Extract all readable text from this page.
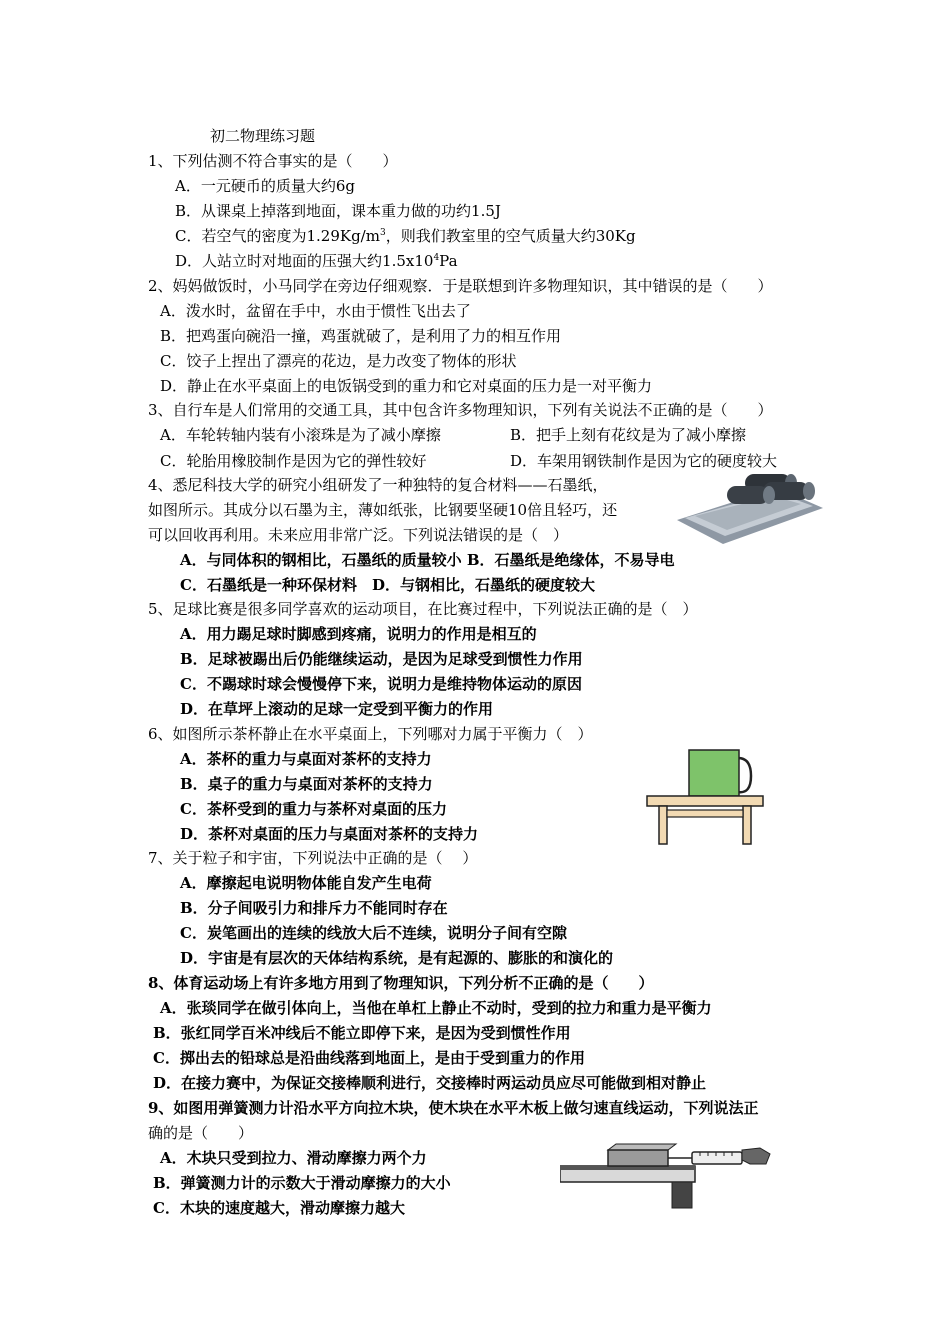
初二物理练习题
1、下列估测不符合事实的是（　　）
A．一元硬币的质量大约6g
B．从课桌上掉落到地面，课本重力做的功约1.5J
C．若空气的密度为$1.29Kg/m^3$，则我们教室里的空气质量大约30Kg
D．人站立时对地面的压强大约$1.5x10^4Pa$
2、妈妈做饭时，小马同学在旁边仔细观察．于是联想到许多物理知识，其中错误的是（　　）
A．泼水时，盆留在手中，水由于惯性飞出去了
B．把鸡蛋向碗沿一撞，鸡蛋就破了，是利用了力的相互作用
C．饺子上捏出了漂亮的花边，是力改变了物体的形状
D．静止在水平桌面上的电饭锅受到的重力和它对桌面的压力是一对平衡力
3、自行车是人们常用的交通工具，其中包含许多物理知识，下列有关说法不正确的是（　　）
A．车轮转轴内装有小滚珠是为了减小摩擦	B．把手上刻有花纹是为了减小摩擦
C．轮胎用橡胶制作是因为它的弹性较好	D．车架用钢铁制作是因为它的硬度较大
4、悉尼科技大学的研究小组研发了一种独特的复合材料——石墨纸，
如图所示。其成分以石墨为主，薄如纸张，比钢要坚硬10倍且轻巧，还
可以回收再利用。未来应用非常广泛。下列说法错误的是（　）
A．与同体积的钢相比，石墨纸的质量较小 B．石墨纸是绝缘体，不易导电
C．石墨纸是一种环保材料　D．与钢相比，石墨纸的硬度较大
5、足球比赛是很多同学喜欢的运动项目，在比赛过程中，下列说法正确的是（　）
A．用力踢足球时脚感到疼痛，说明力的作用是相互的
B．足球被踢出后仍能继续运动，是因为足球受到惯性力作用
C．不踢球时球会慢慢停下来，说明力是维持物体运动的原因
D．在草坪上滚动的足球一定受到平衡力的作用
6、如图所示茶杯静止在水平桌面上，下列哪对力属于平衡力（　）
A．茶杯的重力与桌面对茶杯的支持力
B．桌子的重力与桌面对茶杯的支持力
C．茶杯受到的重力与茶杯对桌面的压力
D．茶杯对桌面的压力与桌面对茶杯的支持力
7、关于粒子和宇宙，下列说法中正确的是（　 ）
A．摩擦起电说明物体能自发产生电荷
B．分子间吸引力和排斥力不能同时存在
C．炭笔画出的连续的线放大后不连续，说明分子间有空隙
D．宇宙是有层次的天体结构系统，是有起源的、膨胀的和演化的
8、体育运动场上有许多地方用到了物理知识，下列分析不正确的是（　　）
A．张琰同学在做引体向上，当他在单杠上静止不动时，受到的拉力和重力是平衡力
B．张红同学百米冲线后不能立即停下来，是因为受到惯性作用
C．掷出去的铅球总是沿曲线落到地面上，是由于受到重力的作用
D．在接力赛中，为保证交接棒顺利进行，交接棒时两运动员应尽可能做到相对静止
9、如图用弹簧测力计沿水平方向拉木块，使木块在水平木板上做匀速直线运动，下列说法正
确的是（　　）
A．木块只受到拉力、滑动摩擦力两个力
B．弹簧测力计的示数大于滑动摩擦力的大小
C．木块的速度越大，滑动摩擦力越大
